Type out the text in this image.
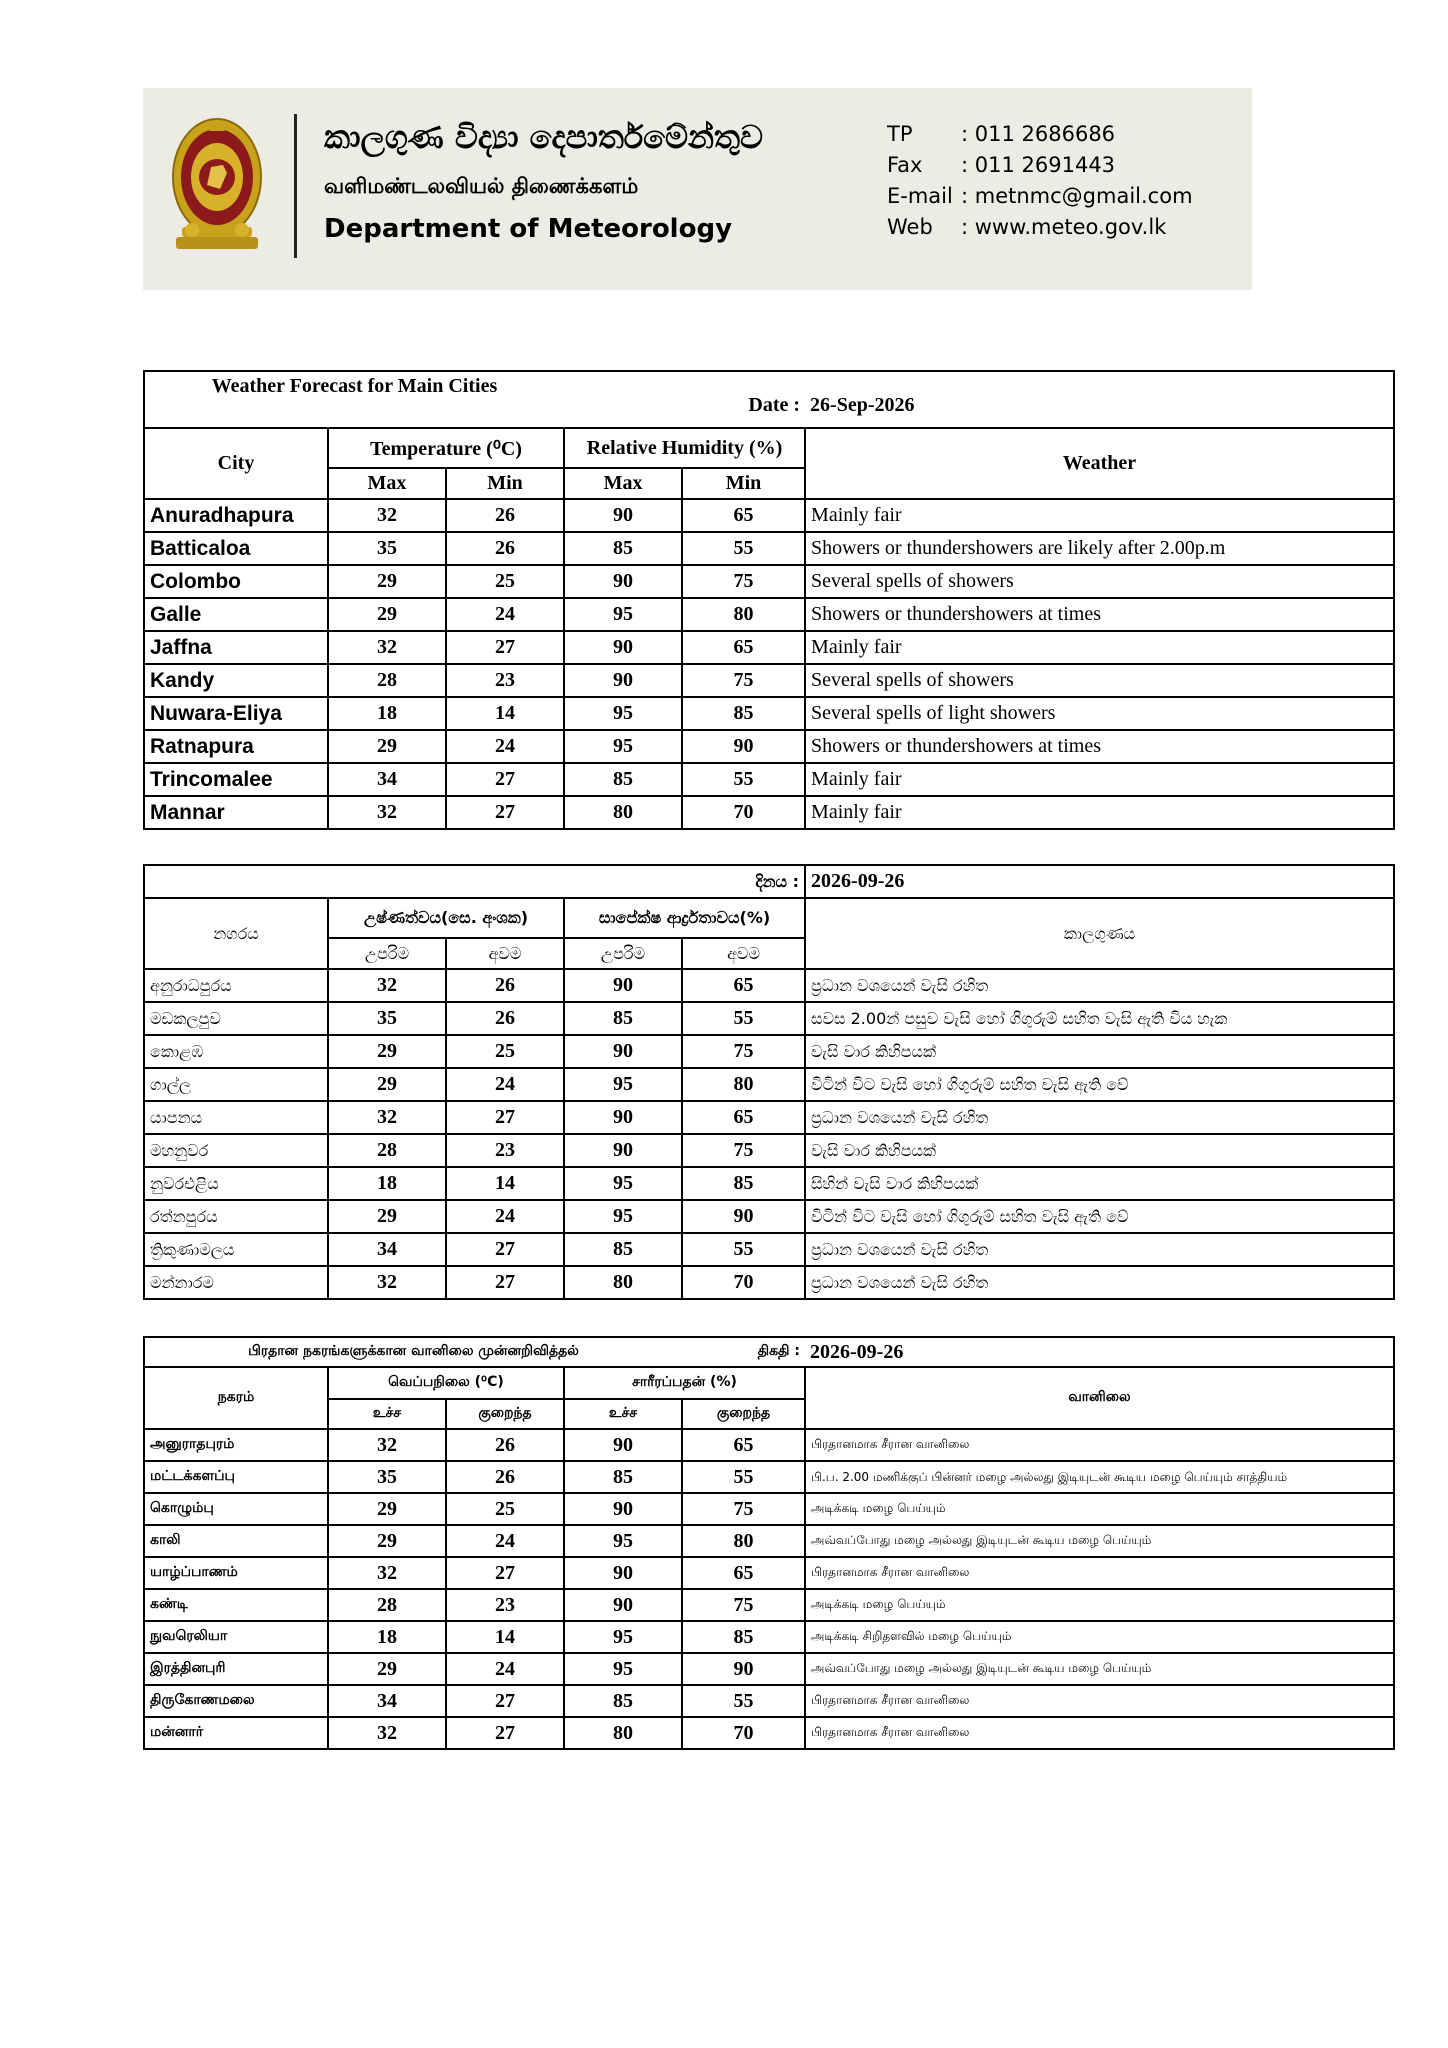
කාලගුණ විද්‍යා දෙපාර්තමේන්තුව
வளிமண்டலவியல் திணைக்களம்
Department of Meteorology
TP : 011 2686686
Fax : 011 2691443
E-mail : metnmc@gmail.com
Web : www.meteo.gov.lk
Weather Forecast for Main Cities			Date :		26-Sep-2026
City	Temperature (⁰C)		Relative Humidity (%)		Weather
	Max	Min	Max	Min	
Anuradhapura	32	26	90	65	Mainly fair
Batticaloa	35	26	85	55	Showers or thundershowers are likely after 2.00p.m
Colombo	29	25	90	75	Several spells of showers
Galle	29	24	95	80	Showers or thundershowers at times
Jaffna	32	27	90	65	Mainly fair
Kandy	28	23	90	75	Several spells of showers
Nuwara-Eliya	18	14	95	85	Several spells of light showers
Ratnapura	29	24	95	90	Showers or thundershowers at times
Trincomalee	34	27	85	55	Mainly fair
Mannar	32	27	80	70	Mainly fair
දිනය :					2026-09-26
නගරය	උෂ්ණත්වය(සෙ. අංශක)		සාපේක්ෂ ආර්ද්‍රතාවය(%)		කාලගුණය
	උපරිම	අවම	උපරිම	අවම	
අනුරාධපුරය	32	26	90	65	ප්‍රධාන වශයෙන් වැසි රහිත
මඩකලපුව	35	26	85	55	සවස 2.00න් පසුව වැසි හෝ ගිගුරුම් සහිත වැසි ඇති විය හැක
කොළඹ	29	25	90	75	වැසි වාර කිහිපයක්
ගාල්ල	29	24	95	80	විටින් විට වැසි හෝ ගිගුරුම් සහිත වැසි ඇති වේ
යාපනය	32	27	90	65	ප්‍රධාන වශයෙන් වැසි රහිත
මහනුවර	28	23	90	75	වැසි වාර කිහිපයක්
නුවරඑළිය	18	14	95	85	සිහින් වැසි වාර කිහිපයක්
රත්නපුරය	29	24	95	90	විටින් විට වැසි හෝ ගිගුරුම් සහිත වැසි ඇති වේ
ත්‍රිකුණාමලය	34	27	85	55	ප්‍රධාන වශයෙන් වැසි රහිත
මන්නාරම	32	27	80	70	ප්‍රධාන වශයෙන් වැසි රහිත
பிரதான நகரங்களுக்கான வானிலை முன்னறிவித்தல்				திகதி :	2026-09-26
நகரம்	வெப்பநிலை (⁰C)		சாரீரப்பதன் (%)		வானிலை
	உச்ச	குறைந்த	உச்ச	குறைந்த	
அனுராதபுரம்	32	26	90	65	பிரதானமாக சீரான வானிலை
மட்டக்களப்பு	35	26	85	55	பி.ப. 2.00 மணிக்குப் பின்னர் மழை அல்லது இடியுடன் கூடிய மழை பெய்யும் சாத்தியம்
கொழும்பு	29	25	90	75	அடிக்கடி மழை பெய்யும்
காலி	29	24	95	80	அவ்வப்போது மழை அல்லது இடியுடன் கூடிய மழை பெய்யும்
யாழ்ப்பாணம்	32	27	90	65	பிரதானமாக சீரான வானிலை
கண்டி	28	23	90	75	அடிக்கடி மழை பெய்யும்
நுவரெலியா	18	14	95	85	அடிக்கடி சிறிதளவில் மழை பெய்யும்
இரத்தினபுரி	29	24	95	90	அவ்வப்போது மழை அல்லது இடியுடன் கூடிய மழை பெய்யும்
திருகோணமலை	34	27	85	55	பிரதானமாக சீரான வானிலை
மன்னார்	32	27	80	70	பிரதானமாக சீரான வானிலை
